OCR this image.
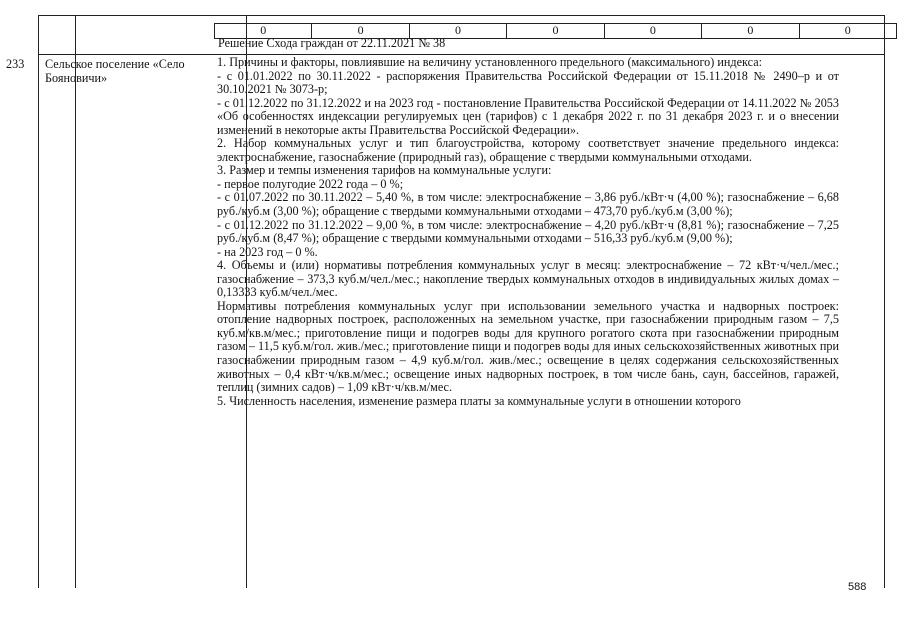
0	0	0	0	0	0	0
Решение Схода граждан от 22.11.2021 № 38
233 Сельское поселение «Село Бояновичи»

1. Причины и факторы, повлиявшие на величину установленного предельного (максимального) индекса:

- с 01.01.2022 по 30.11.2022 - распоряжения Правительства Российской Федерации от 15.11.2018 № 2490–р и от 30.10.2021 № 3073-р;

- с 01.12.2022 по 31.12.2022 и на 2023 год - постановление Правительства Российской Федерации от 14.11.2022 № 2053 «Об особенностях индексации регулируемых цен (тарифов) с 1 декабря 2022 г. по 31 декабря 2023 г. и о внесении изменений в некоторые акты Правительства Российской Федерации».

2. Набор коммунальных услуг и тип благоустройства, которому соответствует значение предельного индекса: электроснабжение, газоснабжение (природный газ), обращение с твердыми коммунальными отходами.

3. Размер и темпы изменения тарифов на коммунальные услуги:

- первое полугодие 2022 года – 0 %;

- с 01.07.2022 по 30.11.2022 – 5,40 %, в том числе: электроснабжение – 3,86 руб./кВт·ч (4,00 %); газоснабжение – 6,68 руб./куб.м (3,00 %); обращение с твердыми коммунальными отходами – 473,70 руб./куб.м (3,00 %);

- с 01.12.2022 по 31.12.2022 – 9,00 %, в том числе: электроснабжение – 4,20 руб./кВт·ч (8,81 %); газоснабжение – 7,25 руб./куб.м (8,47 %); обращение с твердыми коммунальными отходами – 516,33 руб./куб.м (9,00 %);

- на 2023 год – 0 %.

4. Объемы и (или) нормативы потребления коммунальных услуг в месяц: электроснабжение – 72 кВт·ч/чел./мес.; газоснабжение – 373,3 куб.м/чел./мес.; накопление твердых коммунальных отходов в индивидуальных жилых домах – 0,13333 куб.м/чел./мес.

Нормативы потребления коммунальных услуг при использовании земельного участка и надворных построек: отопление надворных построек, расположенных на земельном участке, при газоснабжении природным газом – 7,5 куб.м/кв.м/мес.; приготовление пищи и подогрев воды для крупного рогатого скота при газоснабжении природным газом – 11,5 куб.м/гол. жив./мес.; приготовление пищи и подогрев воды для иных сельскохозяйственных животных при газоснабжении природным газом – 4,9 куб.м/гол. жив./мес.; освещение в целях содержания сельскохозяйственных животных – 0,4 кВт·ч/кв.м/мес.; освещение иных надворных построек, в том числе бань, саун, бассейнов, гаражей, теплиц (зимних садов) – 1,09 кВт·ч/кв.м/мес.

5. Численность населения, изменение размера платы за коммунальные услуги в отношении которого

588
